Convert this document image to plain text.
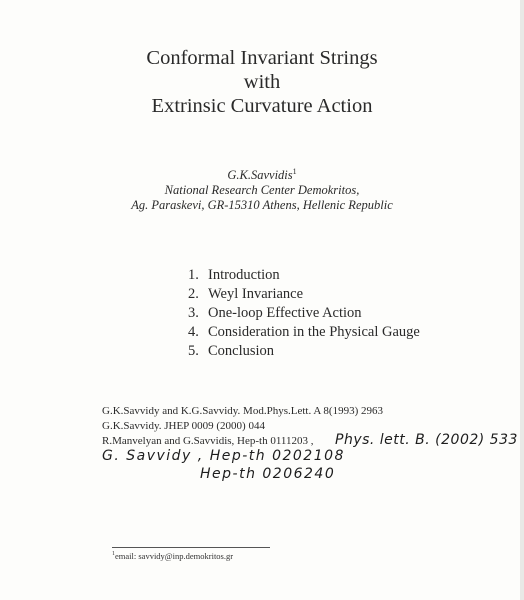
Conformal Invariant Strings
with
Extrinsic Curvature Action
G.K.Savvidis$^1$
National Research Center Demokritos,
Ag. Paraskevi, GR-15310 Athens, Hellenic Republic
1. Introduction
2. Weyl Invariance
3. One-loop Effective Action
4. Consideration in the Physical Gauge
5. Conclusion
G.K.Savvidy and K.G.Savvidy. Mod.Phys.Lett. A 8(1993) 2963
G.K.Savvidy. JHEP 0009 (2000) 044
R.Manvelyan and G.Savvidis, Hep-th 0111203 ,	Phys. lett. B. (2002) 533
G. Savvidy , Hep-th 0202108
Hep-th 0206240
$^1$email: savvidy@inp.demokritos.gr
